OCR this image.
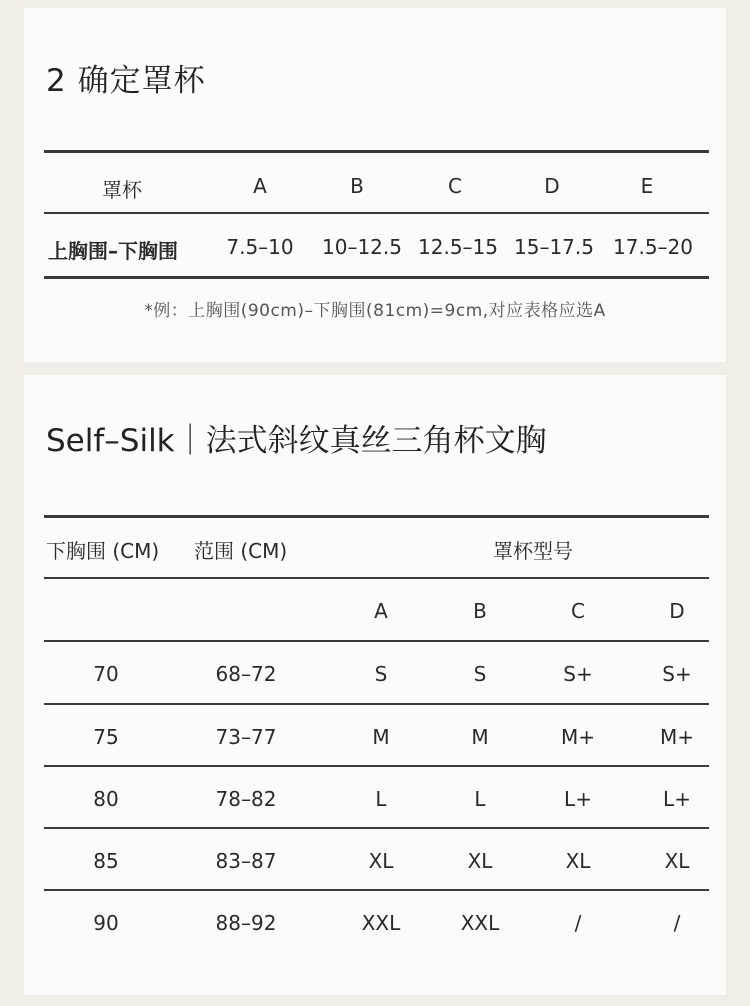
2 确定罩杯
罩杯	A	B	C	D	E
上胸围–下胸围 7.5–10 10–12.5 12.5–15 15–17.5 17.5–20
*例：上胸围(90cm)–下胸围(81cm)=9cm,对应表格应选A
Self–Silk｜法式斜纹真丝三角杯文胸
下胸围 (CM) 范围 (CM)	罩杯型号
A	B	C	D
70	68–72	S	S	S+	S+
75	73–77	M	M	M+	M+
80	78–82	L	L	L+	L+
85	83–87	XL	XL	XL	XL
90	88–92	XXL	XXL	/	/
